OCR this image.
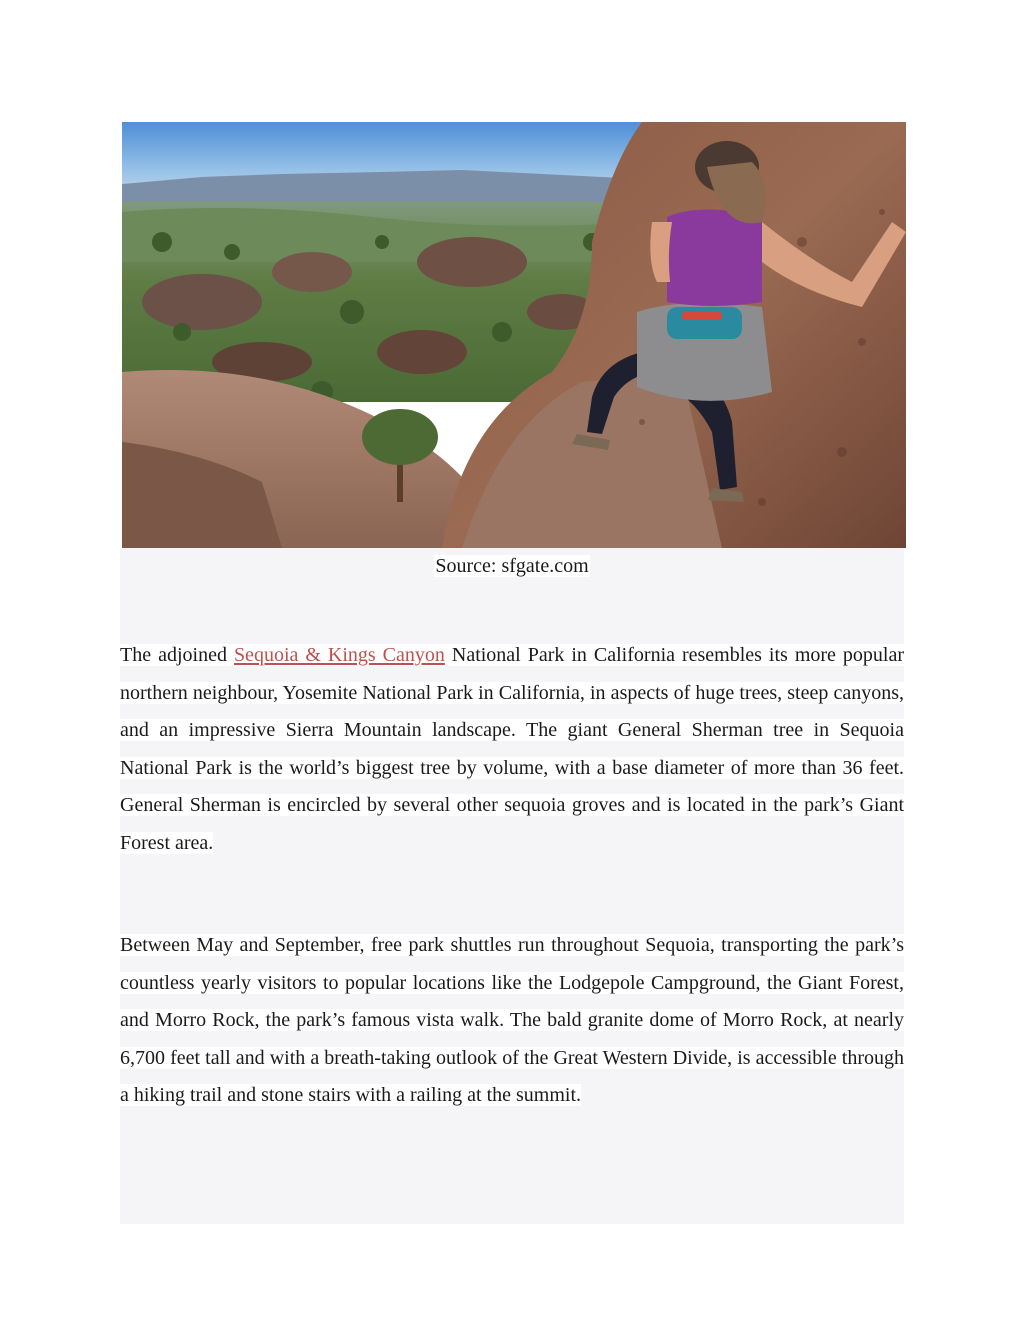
Source: sfgate.com

The adjoined Sequoia & Kings Canyon National Park in California resembles its more popular northern neighbour, Yosemite National Park in California, in aspects of huge trees, steep canyons, and an impressive Sierra Mountain landscape. The giant General Sherman tree in Sequoia National Park is the world’s biggest tree by volume, with a base diameter of more than 36 feet. General Sherman is encircled by several other sequoia groves and is located in the park’s Giant Forest area.

Between May and September, free park shuttles run throughout Sequoia, transporting the park’s countless yearly visitors to popular locations like the Lodgepole Campground, the Giant Forest, and Morro Rock, the park’s famous vista walk. The bald granite dome of Morro Rock, at nearly 6,700 feet tall and with a breath-taking outlook of the Great Western Divide, is accessible through a hiking trail and stone stairs with a railing at the summit.
